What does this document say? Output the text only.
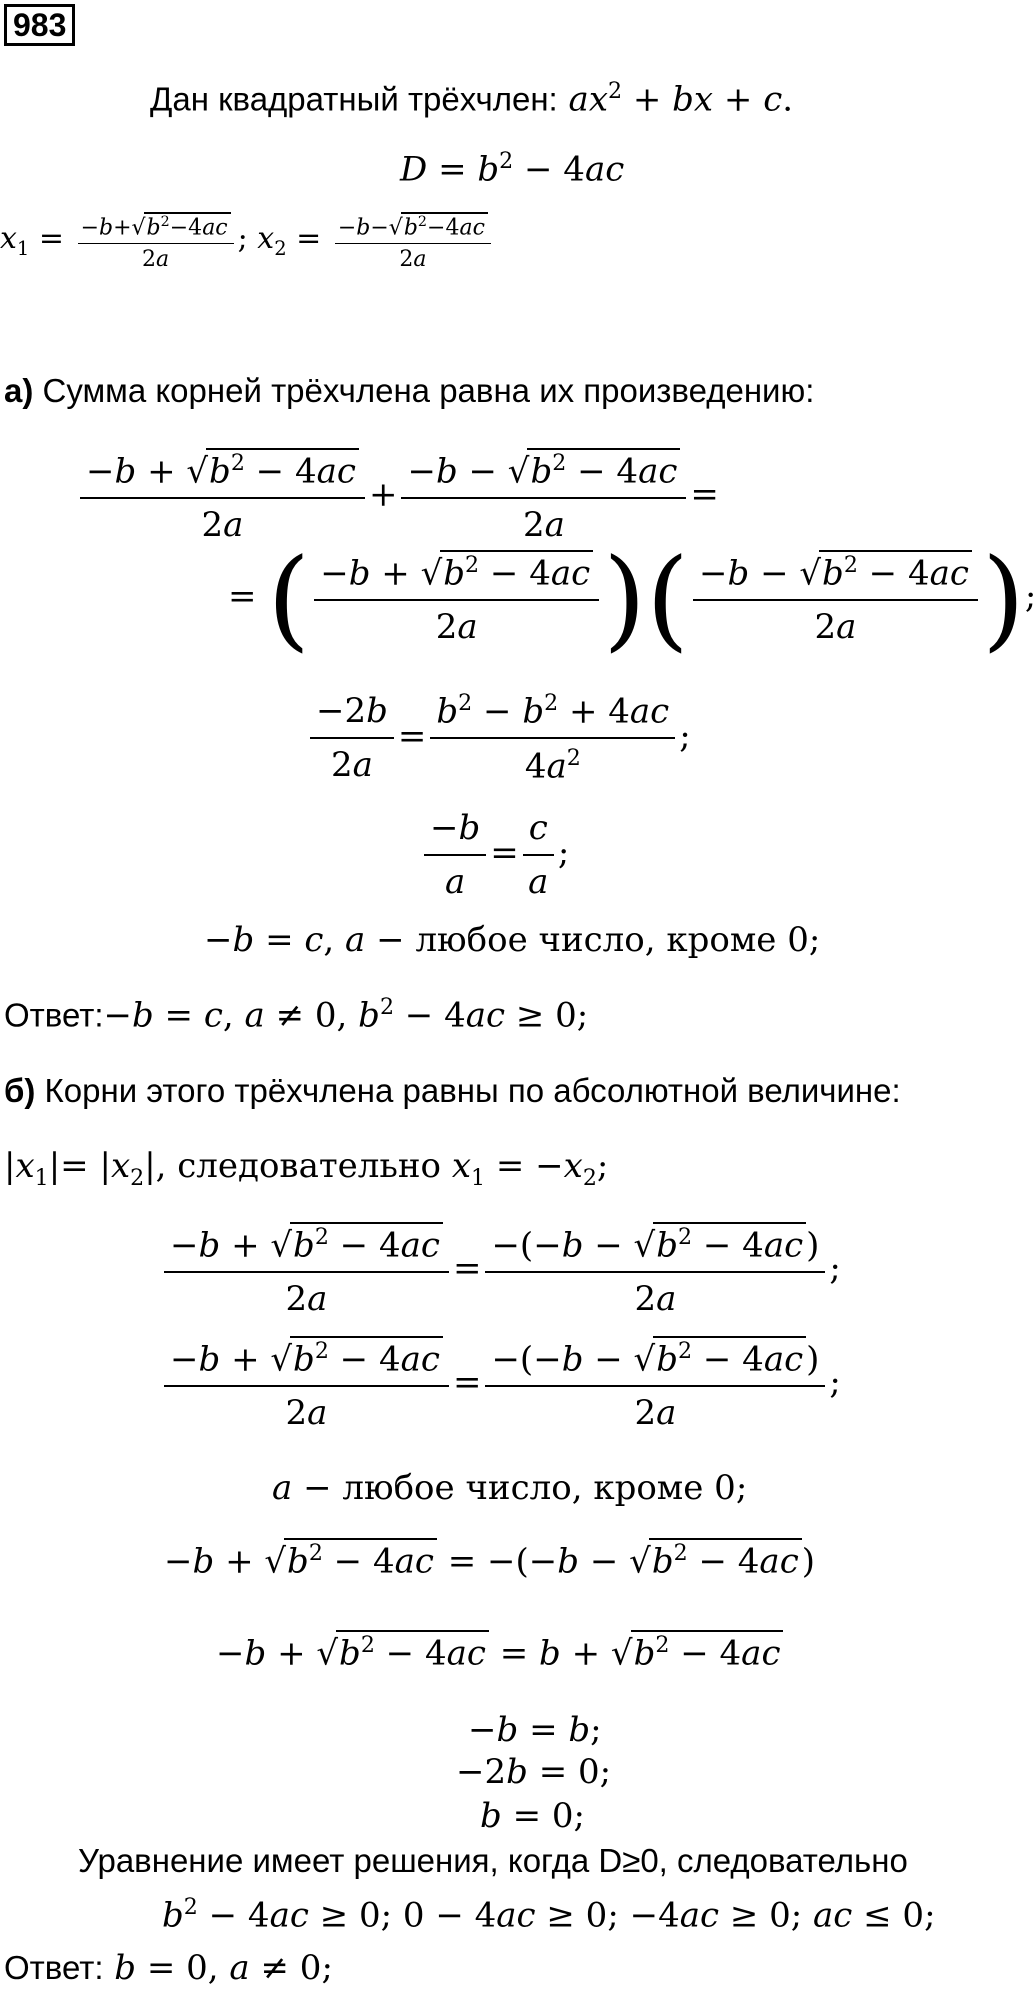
983
Дан квадратный трёхчлен: $ax^2$ + bx + c.
$D = b^2 - 4ac$
$x_1 = \frac{-b+√b^2-4ac}{2a}$ ; $x_2 = \frac{-b-√b^2-4ac}{2a}$
а) Сумма корней трёхчлена равна их произведению:
$\frac{-b + √b^2 - 4ac}{2a} + \frac{-b - √b^2 - 4ac}{2a}$ =
= ( $\frac{-b + √b^2 - 4ac}{2a}$ )( $\frac{-b - √b^2 - 4ac}{2a}$ );
$\frac{-2b}{2a} = \frac{b^2 - b^2 + 4ac}{4a^2}$ ;
$\frac{-b}{a} = \frac{c}{a}$ ;
−b = c, a − любое число, кроме 0;
Ответ:−b = c, a ≠ 0, $b^2 - 4ac \ge 0$;
б) Корни этого трёхчлена равны по абсолютной величине:
$|x_1|= |x_2|$, следовательно $x_1 = -x_2$;
$\frac{-b + √b^2 - 4ac}{2a} = \frac{-(-b - √b^2 - 4ac)}{2a}$ ;
$\frac{-b + √b^2 - 4ac}{2a} = \frac{-(-b - √b^2 - 4ac)}{2a}$ ;
a − любое число, кроме 0;
$-b + √b^2 - 4ac = -(-b - √b^2 - 4ac)$
$-b + √b^2 - 4ac = b + √b^2 - 4ac$
−b = b;
−2b = 0;
b = 0;
Уравнение имеет решения, когда D≥0, следовательно
$b^2 - 4ac \ge 0$; 0 − 4ac ≥ 0; −4ac ≥ 0; ac ≤ 0;
Ответ: b = 0, a ≠ 0;
